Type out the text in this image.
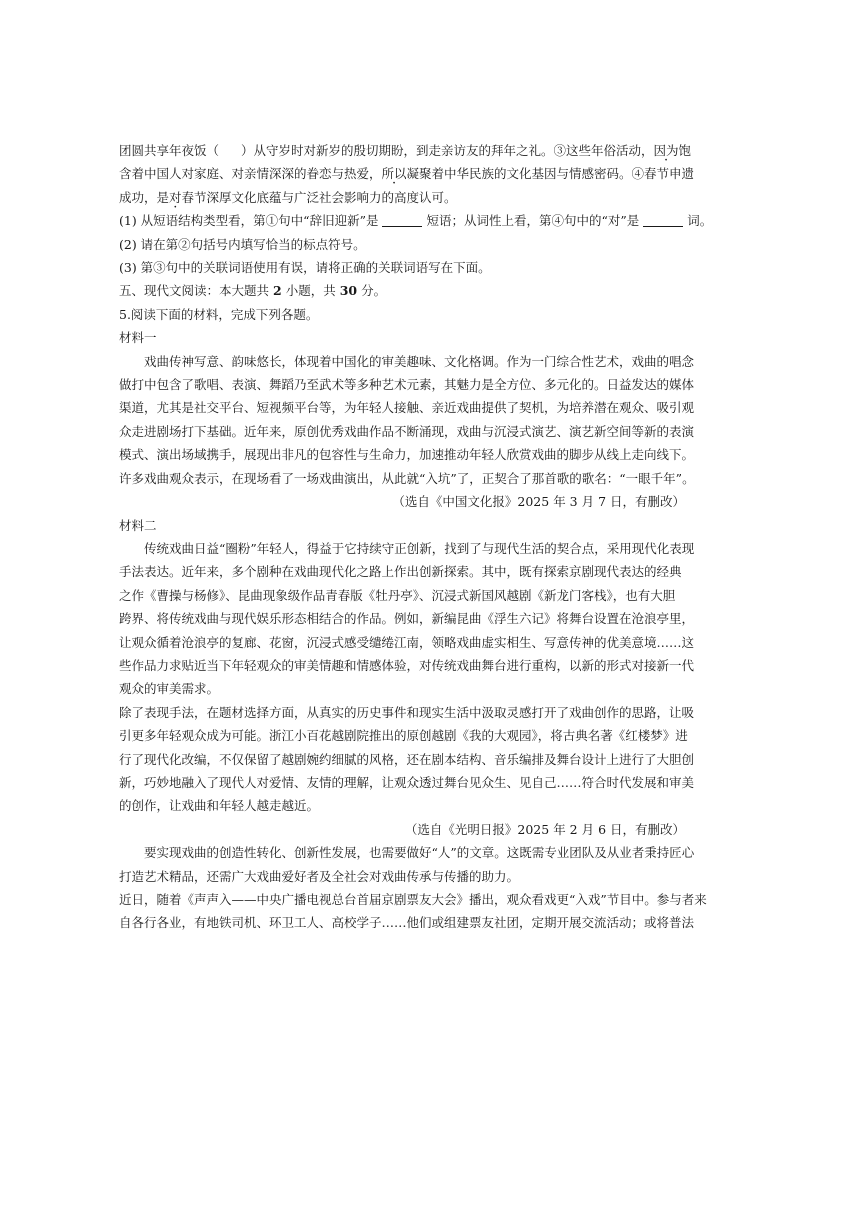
团圆共享年夜饭（ ）从守岁时对新岁的殷切期盼，到走亲访友的拜年之礼。③这些年俗活动，因为饱
含着中国人对家庭、对亲情深深的眷恋与热爱，所以凝聚着中华民族的文化基因与情感密码。④春节申遗
成功，是对春节深厚文化底蕴与广泛社会影响力的高度认可。
(1) 从短语结构类型看，第①句中“辞旧迎新”是	短语；从词性上看，第④句中的“对”是	词。
(2) 请在第②句括号内填写恰当的标点符号。
(3) 第③句中的关联词语使用有误，请将正确的关联词语写在下面。
五、现代文阅读：本大题共 2 小题，共 30 分。
5.阅读下面的材料，完成下列各题。
材料一
戏曲传神写意、韵味悠长，体现着中国化的审美趣味、文化格调。作为一门综合性艺术，戏曲的唱念
做打中包含了歌唱、表演、舞蹈乃至武术等多种艺术元素，其魅力是全方位、多元化的。日益发达的媒体
渠道，尤其是社交平台、短视频平台等，为年轻人接触、亲近戏曲提供了契机，为培养潜在观众、吸引观
众走进剧场打下基础。近年来，原创优秀戏曲作品不断涌现，戏曲与沉浸式演艺、演艺新空间等新的表演
模式、演出场域携手，展现出非凡的包容性与生命力，加速推动年轻人欣赏戏曲的脚步从线上走向线下。
许多戏曲观众表示，在现场看了一场戏曲演出，从此就“入坑”了，正契合了那首歌的歌名：“一眼千年”。
（选自《中国文化报》2025 年 3 月 7 日，有删改）
材料二
传统戏曲日益“圈粉”年轻人，得益于它持续守正创新，找到了与现代生活的契合点，采用现代化表现
手法表达。近年来，多个剧种在戏曲现代化之路上作出创新探索。其中，既有探索京剧现代表达的经典
之作《曹操与杨修》、昆曲现象级作品青春版《牡丹亭》、沉浸式新国风越剧《新龙门客栈》，也有大胆
跨界、将传统戏曲与现代娱乐形态相结合的作品。例如，新编昆曲《浮生六记》将舞台设置在沧浪亭里，
让观众循着沧浪亭的复廊、花窗，沉浸式感受缱绻江南，领略戏曲虚实相生、写意传神的优美意境……这
些作品力求贴近当下年轻观众的审美情趣和情感体验，对传统戏曲舞台进行重构，以新的形式对接新一代
观众的审美需求。
除了表现手法，在题材选择方面，从真实的历史事件和现实生活中汲取灵感打开了戏曲创作的思路，让吸
引更多年轻观众成为可能。浙江小百花越剧院推出的原创越剧《我的大观园》，将古典名著《红楼梦》进
行了现代化改编，不仅保留了越剧婉约细腻的风格，还在剧本结构、音乐编排及舞台设计上进行了大胆创
新，巧妙地融入了现代人对爱情、友情的理解，让观众透过舞台见众生、见自己……符合时代发展和审美
的创作，让戏曲和年轻人越走越近。
（选自《光明日报》2025 年 2 月 6 日，有删改）
要实现戏曲的创造性转化、创新性发展，也需要做好“人”的文章。这既需专业团队及从业者秉持匠心
打造艺术精品，还需广大戏曲爱好者及全社会对戏曲传承与传播的助力。
近日，随着《声声入——中央广播电视总台首届京剧票友大会》播出，观众看戏更“入戏”节目中。参与者来
自各行各业，有地铁司机、环卫工人、高校学子……他们或组建票友社团，定期开展交流活动；或将普法
